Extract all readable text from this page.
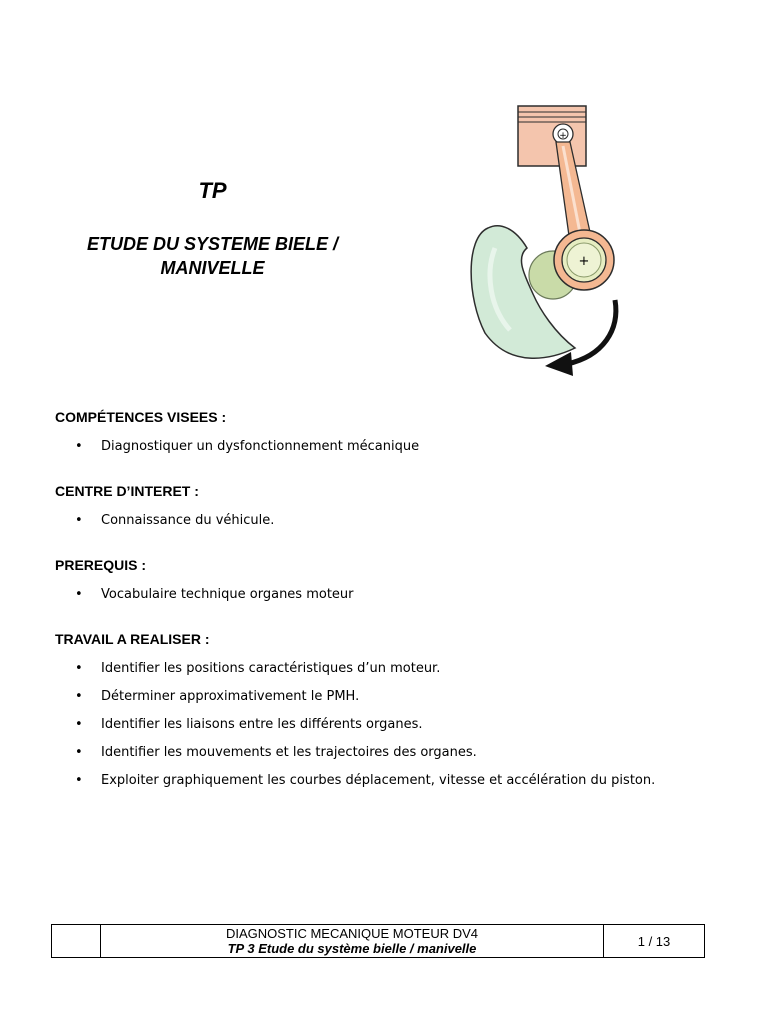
TP

ETUDE DU SYSTEME BIELE /
MANIVELLE

+
+

COMPÉTENCES VISEES :

• Diagnostiquer un dysfonctionnement mécanique

CENTRE D’INTERET :

• Connaissance du véhicule.

PREREQUIS :

• Vocabulaire technique organes moteur

TRAVAIL A REALISER :

• Identifier les positions caractéristiques d’un moteur.
• Déterminer approximativement le PMH.
• Identifier les liaisons entre les différents organes.
• Identifier les mouvements et les trajectoires des organes.
• Exploiter graphiquement les courbes déplacement, vitesse et accélération du piston.

DIAGNOSTIC MECANIQUE MOTEUR DV4
TP 3 Etude du système bielle / manivelle	1 / 13
